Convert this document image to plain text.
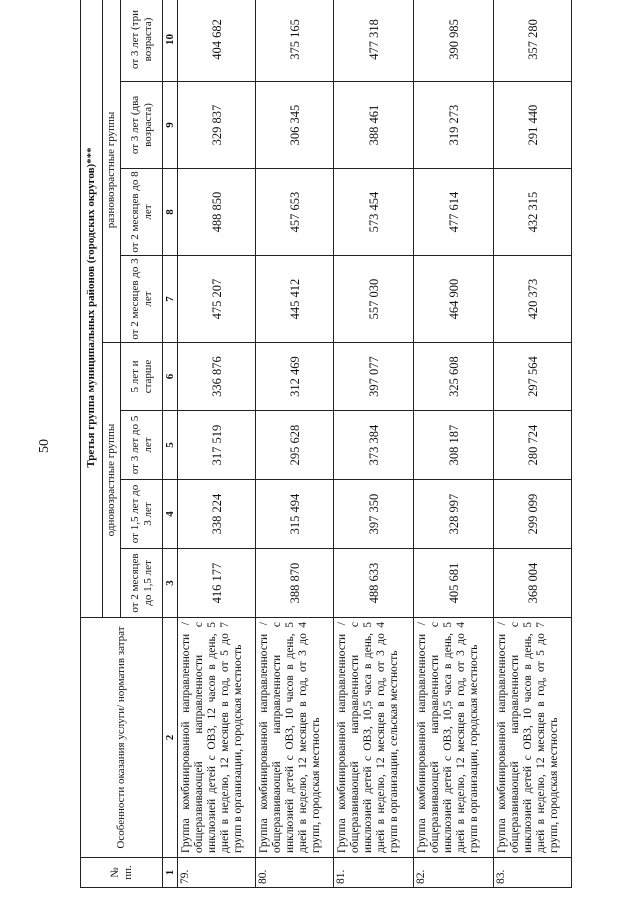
50
№ пп.	Особенности оказания услуги/ норматив затрат	Третья группа муниципальных районов (городских округов)***							
		одновозрастные группы				разновозрастные группы			
		от 2 месяцев до 1,5 лет	от 1,5 лет до 3 лет	от 3 лет до 5 лет	5 лет и старше	от 2 месяцев до 3 лет	от 2 месяцев до 8 лет	от 3 лет (два возраста)	от 3 лет (три возраста)
1	2	3	4	5	6	7	8	9	10
79.	Группа комбинированной направленности / общеразвивающей направленности с инклюзией детей с ОВЗ, 12 часов в день, 5 дней в неделю, 12 месяцев в год, от 5 до 7 групп в организации, городская местность	416 177	338 224	317 519	336 876	475 207	488 850	329 837	404 682
80.	Группа комбинированной направленности / общеразвивающей направленности с инклюзией детей с ОВЗ, 10 часов в день, 5 дней в неделю, 12 месяцев в год, от 3 до 4 групп, городская местность	388 870	315 494	295 628	312 469	445 412	457 653	306 345	375 165
81.	Группа комбинированной направленности / общеразвивающей направленности с инклюзией детей с ОВЗ, 10,5 часа в день, 5 дней в неделю, 12 месяцев в год, от 3 до 4 групп в организации, сельская местность	488 633	397 350	373 384	397 077	557 030	573 454	388 461	477 318
82.	Группа комбинированной направленности / общеразвивающей направленности с инклюзией детей с ОВЗ, 10,5 часа в день, 5 дней в неделю, 12 месяцев в год, от 3 до 4 групп в организации, городская местность	405 681	328 997	308 187	325 608	464 900	477 614	319 273	390 985
83.	Группа комбинированной направленности / общеразвивающей направленности с инклюзией детей с ОВЗ, 10 часов в день, 5 дней в неделю, 12 месяцев в год, от 5 до 7 групп, городская местность	368 004	299 099	280 724	297 564	420 373	432 315	291 440	357 280
